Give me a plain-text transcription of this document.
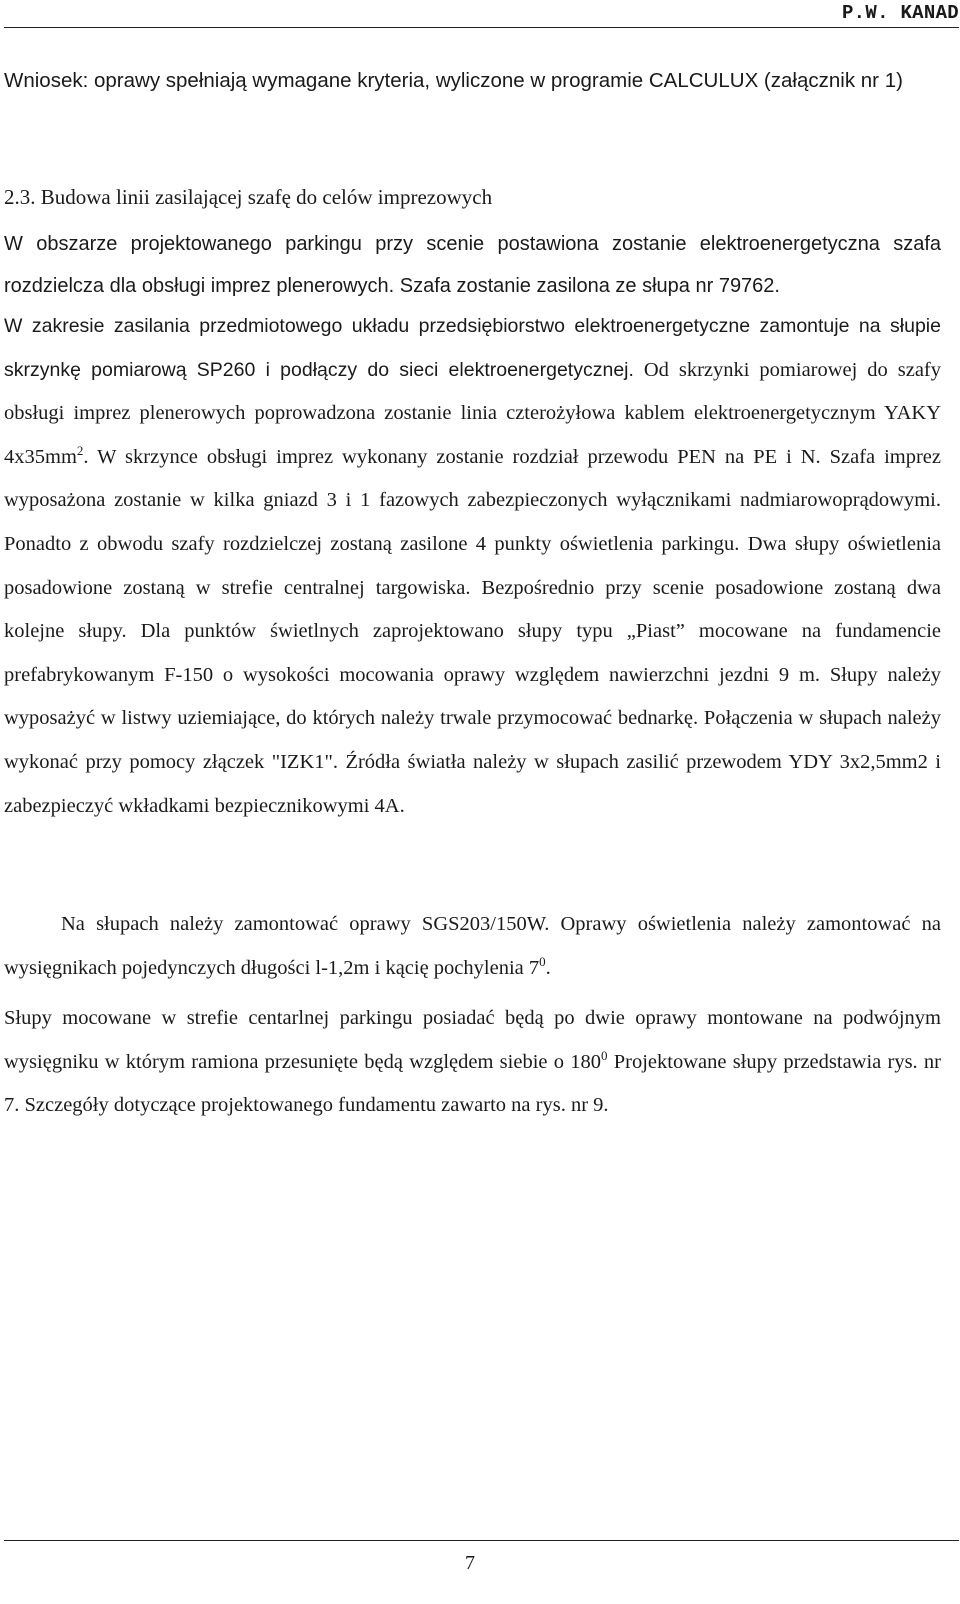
P.W. KANAD
Wniosek: oprawy spełniają wymagane kryteria, wyliczone w programie CALCULUX (załącznik nr 1)
2.3. Budowa linii zasilającej szafę do celów imprezowych
W obszarze projektowanego parkingu przy scenie postawiona zostanie elektroenergetyczna szafa rozdzielcza dla obsługi imprez plenerowych. Szafa zostanie zasilona ze słupa nr 79762.
W zakresie zasilania przedmiotowego układu przedsiębiorstwo elektroenergetyczne zamontuje na słupie skrzynkę pomiarową SP260 i podłączy do sieci elektroenergetycznej. Od skrzynki pomiarowej do szafy obsługi imprez plenerowych poprowadzona zostanie linia czterożyłowa kablem elektroenergetycznym YAKY $4x35mm^2$. W skrzynce obsługi imprez wykonany zostanie rozdział przewodu PEN na PE i N. Szafa imprez wyposażona zostanie w kilka gniazd 3 i 1 fazowych zabezpieczonych wyłącznikami nadmiarowoprądowymi. Ponadto z obwodu szafy rozdzielczej zostaną zasilone 4 punkty oświetlenia parkingu. Dwa słupy oświetlenia posadowione zostaną w strefie centralnej targowiska. Bezpośrednio przy scenie posadowione zostaną dwa kolejne słupy. Dla punktów świetlnych zaprojektowano słupy typu „Piast” mocowane na fundamencie prefabrykowanym F-150 o wysokości mocowania oprawy względem nawierzchni jezdni 9 m. Słupy należy wyposażyć w listwy uziemiające, do których należy trwale przymocować bednarkę. Połączenia w słupach należy wykonać przy pomocy złączek "IZK1". Źródła światła należy w słupach zasilić przewodem YDY 3x2,5mm2 i zabezpieczyć wkładkami bezpiecznikowymi 4A.
Na słupach należy zamontować oprawy SGS203/150W. Oprawy oświetlenia należy zamontować na wysięgnikach pojedynczych długości l-1,2m i kącię pochylenia $7^0$.
Słupy mocowane w strefie centarlnej parkingu posiadać będą po dwie oprawy montowane na podwójnym wysięgniku w którym ramiona przesunięte będą względem siebie o $180^0$ Projektowane słupy przedstawia rys. nr 7. Szczegóły dotyczące projektowanego fundamentu zawarto na rys. nr 9.
7
